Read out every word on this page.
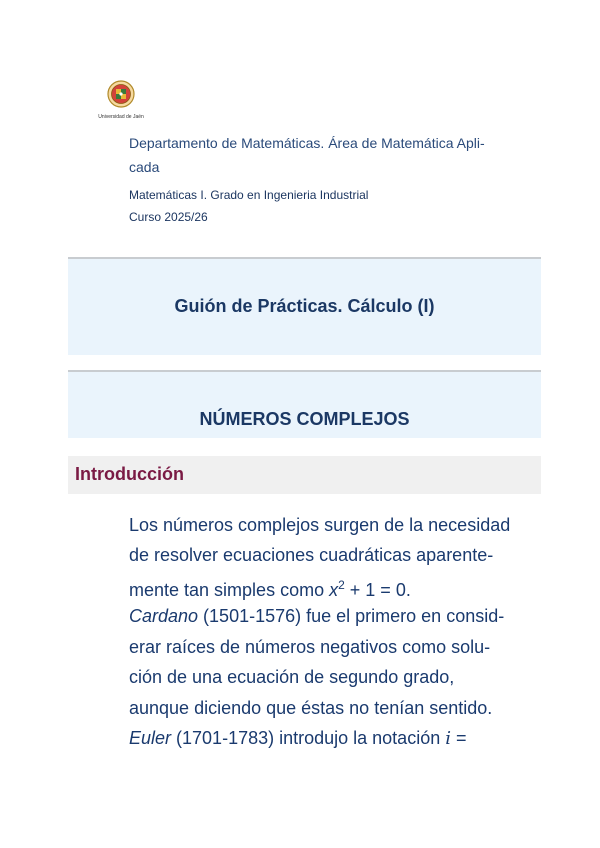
Universidad de Jaén
Departamento de Matemáticas. Área de Matemática Apli-
cada
Matemáticas I. Grado en Ingenieria Industrial
Curso 2025/26
Guión de Prácticas. Cálculo (I)
NÚMEROS COMPLEJOS
Introducción
Los números complejos surgen de la necesidad
de resolver ecuaciones cuadráticas aparente-
mente tan simples como $x^2 + 1 = 0$.
Cardano (1501-1576) fue el primero en consid-
erar raíces de números negativos como solu-
ción de una ecuación de segundo grado,
aunque diciendo que éstas no tenían sentido.
Euler (1701-1783) introdujo la notación i =
